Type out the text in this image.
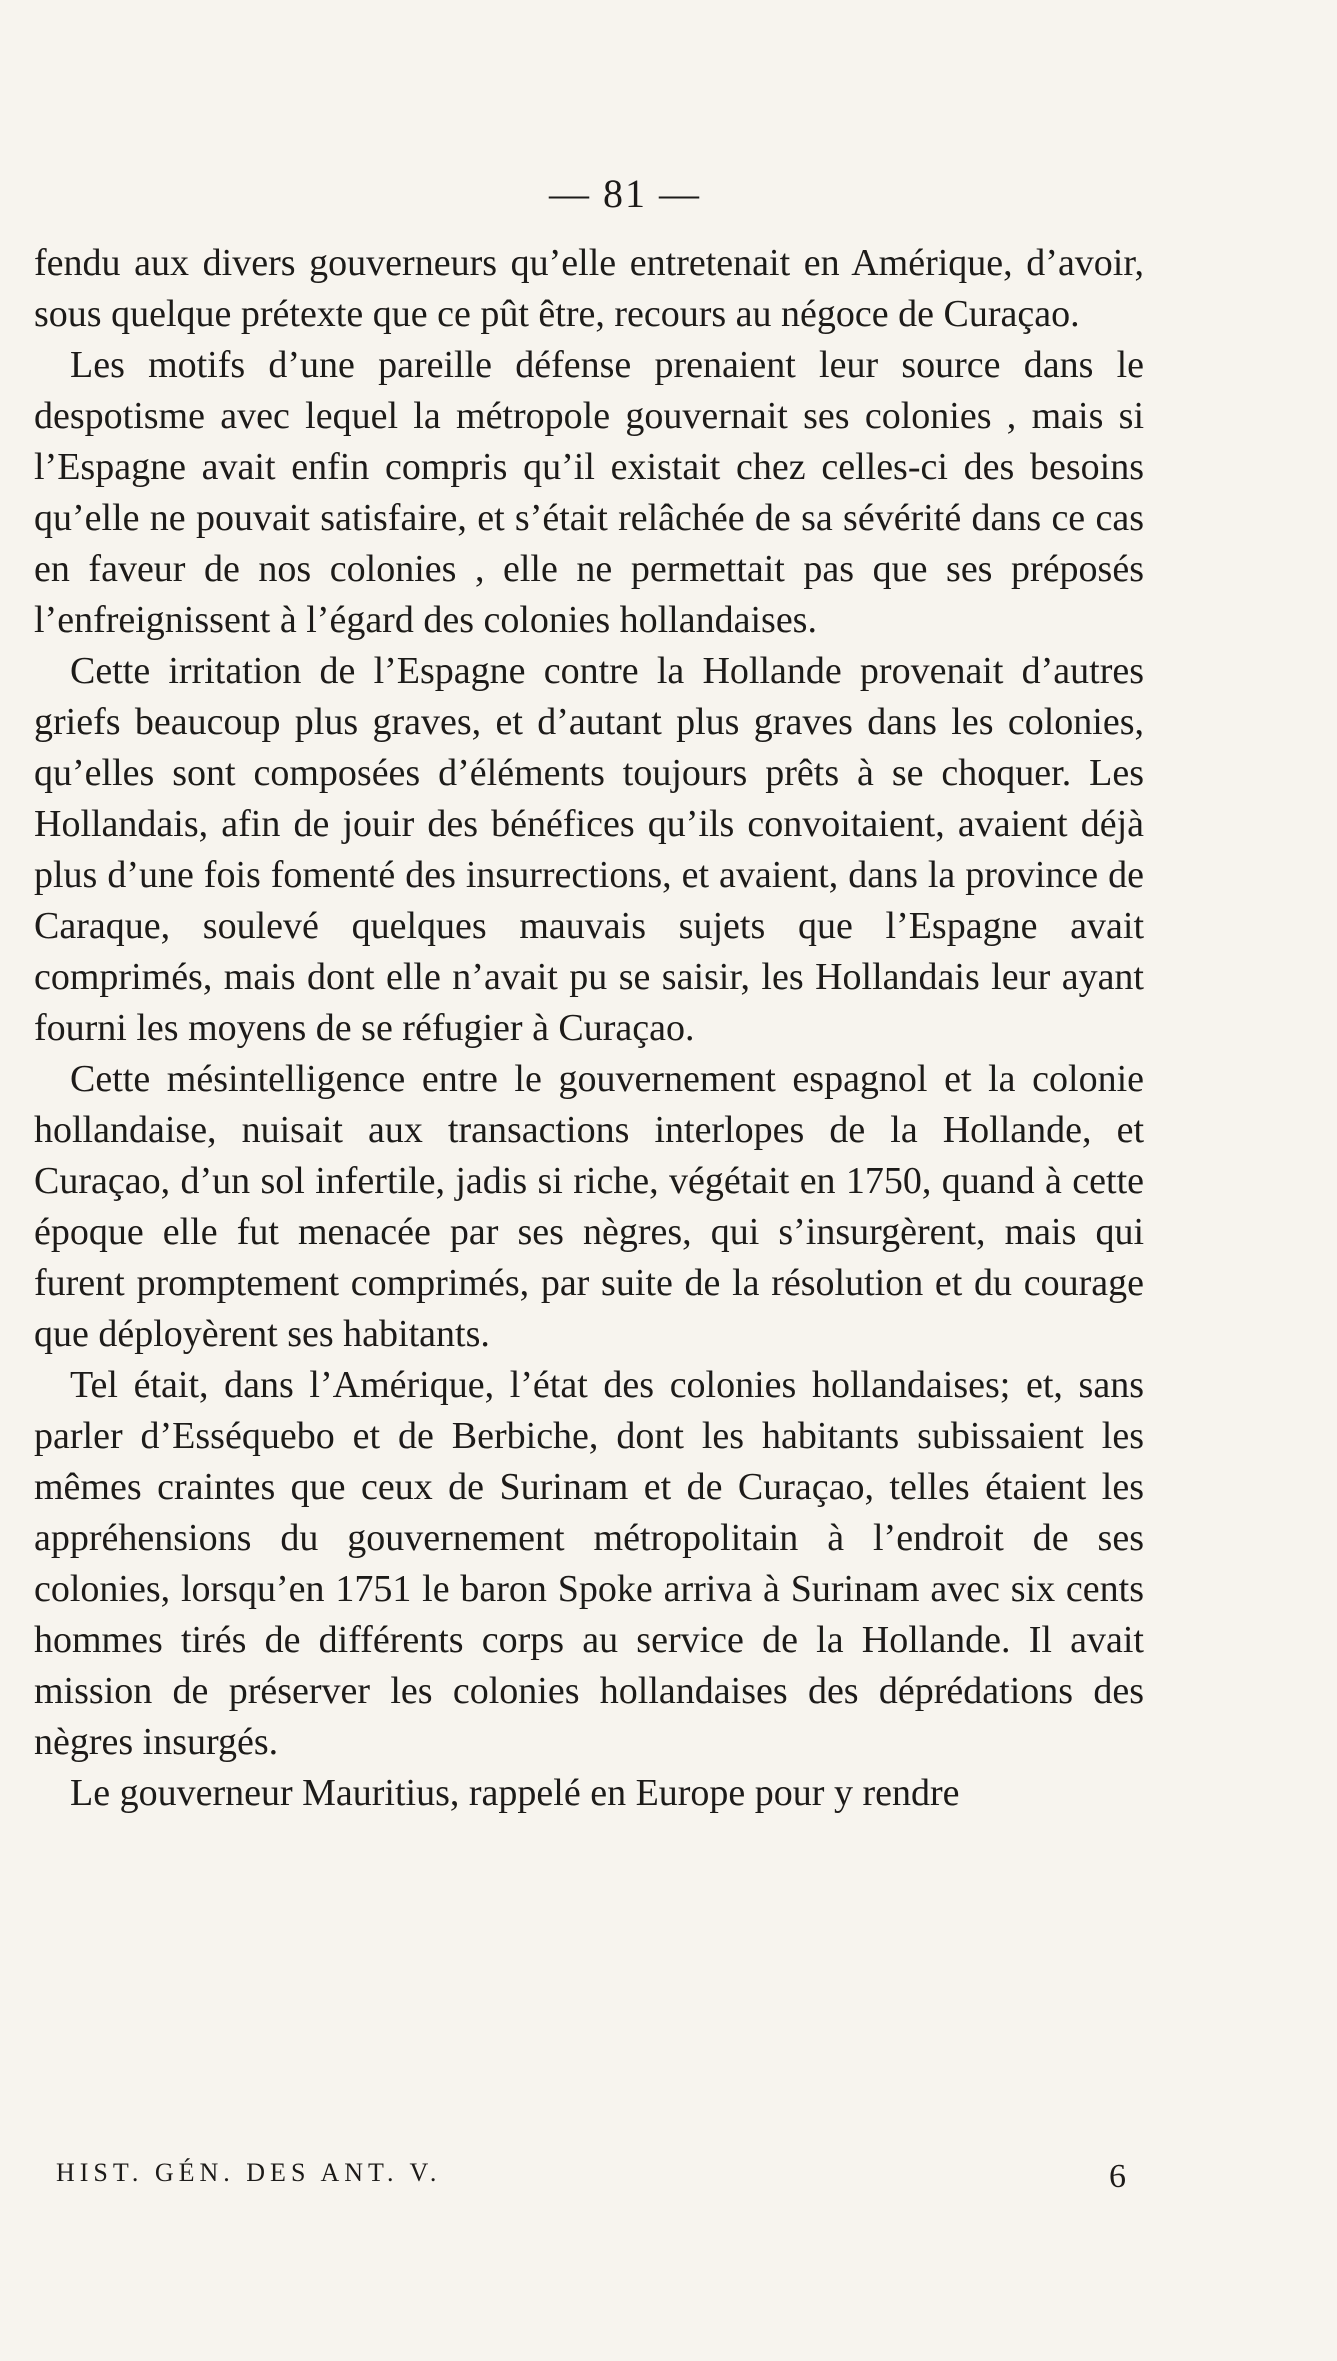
— 81 —

fendu aux divers gouverneurs qu’elle entretenait en Amérique, d’avoir, sous quelque prétexte que ce pût être, recours au négoce de Curaçao.

Les motifs d’une pareille défense prenaient leur source dans le despotisme avec lequel la métropole gouvernait ses colonies , mais si l’Espagne avait enfin compris qu’il existait chez celles-ci des besoins qu’elle ne pouvait satisfaire, et s’était relâchée de sa sévérité dans ce cas en faveur de nos colonies , elle ne permettait pas que ses préposés l’enfreignissent à l’égard des colonies hollandaises.

Cette irritation de l’Espagne contre la Hollande provenait d’autres griefs beaucoup plus graves, et d’autant plus graves dans les colonies, qu’elles sont composées d’éléments toujours prêts à se choquer. Les Hollandais, afin de jouir des bénéfices qu’ils convoitaient, avaient déjà plus d’une fois fomenté des insurrections, et avaient, dans la province de Caraque, soulevé quelques mauvais sujets que l’Espagne avait comprimés, mais dont elle n’avait pu se saisir, les Hollandais leur ayant fourni les moyens de se réfugier à Curaçao.

Cette mésintelligence entre le gouvernement espagnol et la colonie hollandaise, nuisait aux transactions interlopes de la Hollande, et Curaçao, d’un sol infertile, jadis si riche, végétait en 1750, quand à cette époque elle fut menacée par ses nègres, qui s’insurgèrent, mais qui furent promptement comprimés, par suite de la résolution et du courage que déployèrent ses habitants.

Tel était, dans l’Amérique, l’état des colonies hollandaises; et, sans parler d’Esséquebo et de Berbiche, dont les habitants subissaient les mêmes craintes que ceux de Surinam et de Curaçao, telles étaient les appréhensions du gouvernement métropolitain à l’endroit de ses colonies, lorsqu’en 1751 le baron Spoke arriva à Surinam avec six cents hommes tirés de différents corps au service de la Hollande. Il avait mission de préserver les colonies hollandaises des déprédations des nègres insurgés.

Le gouverneur Mauritius, rappelé en Europe pour y rendre

HIST. GÉN. DES ANT. V.	6
